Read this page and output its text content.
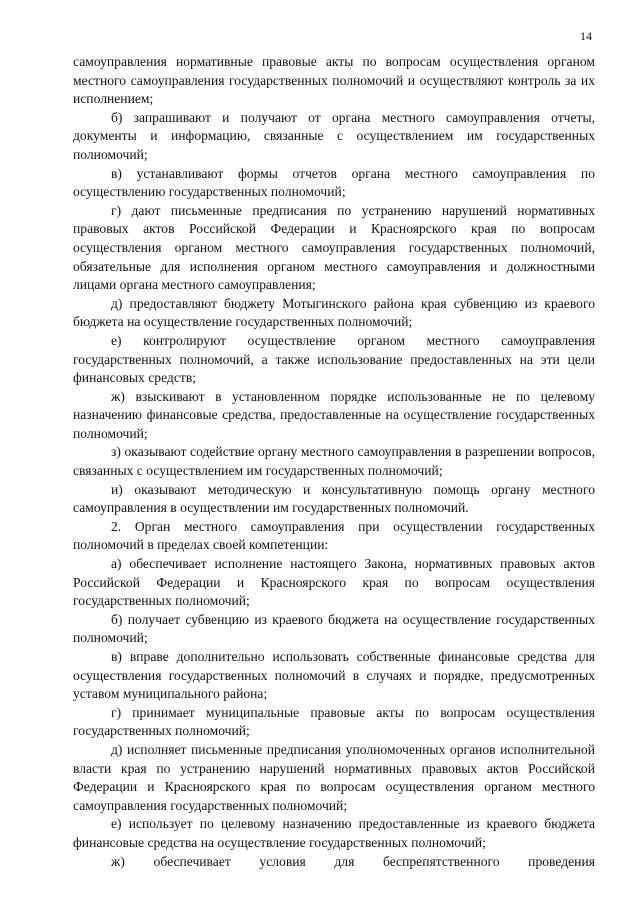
14

самоуправления нормативные правовые акты по вопросам осуществления органом местного самоуправления государственных полномочий и осуществляют контроль за их исполнением;

б) запрашивают и получают от органа местного самоуправления отчеты, документы и информацию, связанные с осуществлением им государственных полномочий;

в) устанавливают формы отчетов органа местного самоуправления по осуществлению государственных полномочий;

г) дают письменные предписания по устранению нарушений нормативных правовых актов Российской Федерации и Красноярского края по вопросам осуществления органом местного самоуправления государственных полномочий, обязательные для исполнения органом местного самоуправления и должностными лицами органа местного самоуправления;

д) предоставляют бюджету Мотыгинского района края субвенцию из краевого бюджета на осуществление государственных полномочий;

е) контролируют осуществление органом местного самоуправления государственных полномочий, а также использование предоставленных на эти цели финансовых средств;

ж) взыскивают в установленном порядке использованные не по целевому назначению финансовые средства, предоставленные на осуществление государственных полномочий;

з) оказывают содействие органу местного самоуправления в разрешении вопросов, связанных с осуществлением им государственных полномочий;

и) оказывают методическую и консультативную помощь органу местного самоуправления в осуществлении им государственных полномочий.

2. Орган местного самоуправления при осуществлении государственных полномочий в пределах своей компетенции:

а) обеспечивает исполнение настоящего Закона, нормативных правовых актов Российской Федерации и Красноярского края по вопросам осуществления государственных полномочий;

б) получает субвенцию из краевого бюджета на осуществление государственных полномочий;

в) вправе дополнительно использовать собственные финансовые средства для осуществления государственных полномочий в случаях и порядке, предусмотренных уставом муниципального района;

г) принимает муниципальные правовые акты по вопросам осуществления государственных полномочий;

д) исполняет письменные предписания уполномоченных органов исполнительной власти края по устранению нарушений нормативных правовых актов Российской Федерации и Красноярского края по вопросам осуществления органом местного самоуправления государственных полномочий;

е) использует по целевому назначению предоставленные из краевого бюджета финансовые средства на осуществление государственных полномочий;

ж) обеспечивает условия для беспрепятственного проведения
